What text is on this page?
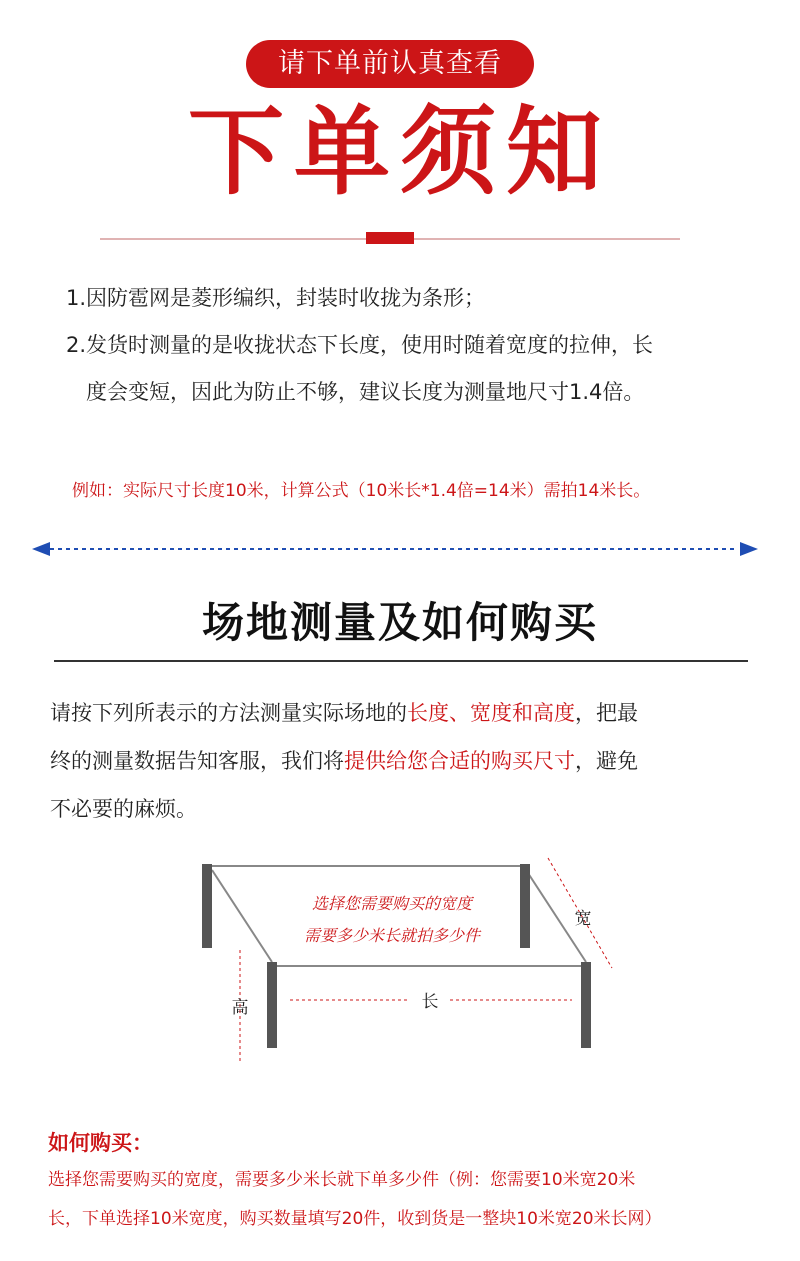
请下单前认真查看
下单须知
1.因防雹网是菱形编织，封装时收拢为条形；
2.发货时测量的是收拢状态下长度，使用时随着宽度的拉伸，长
度会变短，因此为防止不够，建议长度为测量地尺寸1.4倍。
例如：实际尺寸长度10米，计算公式（10米长*1.4倍=14米）需拍14米长。
场地测量及如何购买
请按下列所表示的方法测量实际场地的长度、宽度和高度，把最
终的测量数据告知客服，我们将提供给您合适的购买尺寸，避免
不必要的麻烦。
选择您需要购买的宽度
需要多少米长就拍多少件
宽
高	长
如何购买：
选择您需要购买的宽度，需要多少米长就下单多少件（例：您需要10米宽20米
长，下单选择10米宽度，购买数量填写20件，收到货是一整块10米宽20米长网）
